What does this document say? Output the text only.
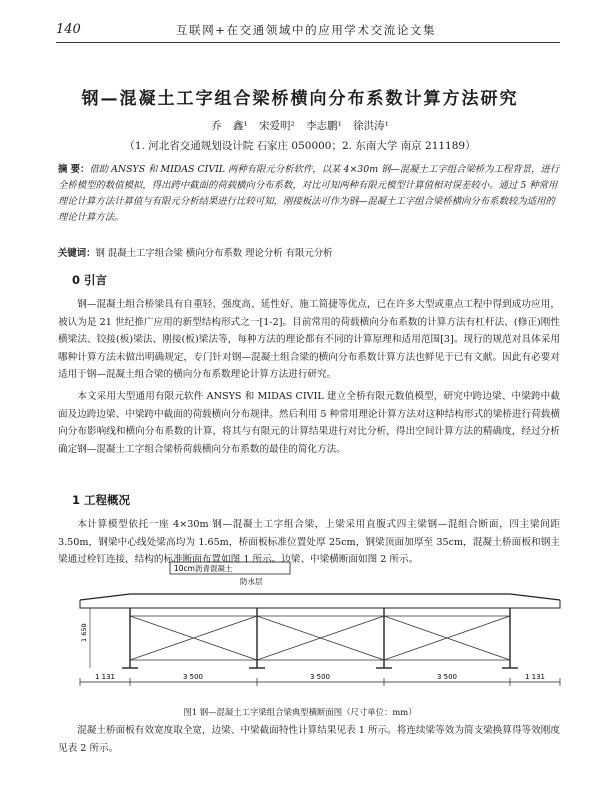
140	互联网+在交通领域中的应用学术交流论文集
钢—混凝土工字组合梁桥横向分布系数计算方法研究
乔 鑫¹ 宋爱明² 李志鹏¹ 徐洪涛¹
（1. 河北省交通规划设计院 石家庄 050000；2. 东南大学 南京 211189）
摘 要：借助 ANSYS 和 MIDAS CIVIL 两种有限元分析软件，以某 4×30m 钢—混凝土工字组合梁桥为工程背景，进行全桥模型的数值模拟，得出跨中截面的荷载横向分布系数，对比可知两种有限元模型计算值相对误差较小。通过 5 种常用理论计算方法计算值与有限元分析结果进行比较可知，刚接板法可作为钢—混凝土工字组合梁桥横向分布系数较为适用的理论计算方法。
关键词：钢 混凝土工字组合梁 横向分布系数 理论分析 有限元分析
0 引言
钢—混凝土组合桥梁具有自重轻、强度高、延性好、施工简捷等优点，已在许多大型或重点工程中得到成功应用，被认为是 21 世纪推广应用的新型结构形式之一[1-2]。目前常用的荷载横向分布系数的计算方法有杠杆法、(修正)刚性横梁法、铰接(板)梁法、刚接(板)梁法等，每种方法的理论都有不同的计算原理和适用范围[3]。现行的规范对具体采用哪种计算方法未做出明确规定，专门针对钢—混凝土组合梁的横向分布系数计算方法也鲜见于已有文献。因此有必要对适用于钢—混凝土组合梁的横向分布系数理论计算方法进行研究。
本文采用大型通用有限元软件 ANSYS 和 MIDAS CIVIL 建立全桥有限元数值模型，研究中跨边梁、中梁跨中截面及边跨边梁、中梁跨中截面的荷载横向分布规律。然后利用 5 种常用理论计算方法对这种结构形式的梁桥进行荷载横向分布影响线和横向分布系数的计算，将其与有限元的计算结果进行对比分析，得出空间计算方法的精确度，经过分析确定钢—混凝土工字组合梁桥荷载横向分布系数的最佳的简化方法。
1 工程概况
本计算模型依托一座 4×30m 钢—混凝土工字组合梁，上梁采用直腹式四主梁钢—混组合断面，四主梁间距 3.50m，钢梁中心线处梁高均为 1.65m，桥面板标准位置处厚 25cm，钢梁顶面加厚至 35cm，混凝土桥面板和钢主梁通过栓钉连接，结构的标准断面布置如图 1 所示。边梁、中梁横断面如图 2 所示。
10cm沥青混凝土
防水层
1 650
1 131	3 500	3 500	3 500	1 131
图1 钢—混凝土工字梁组合梁典型横断面图（尺寸单位：mm）
混凝土桥面板有效宽度取全宽，边梁、中梁截面特性计算结果见表 1 所示。将连续梁等效为简支梁换算得等效刚度见表 2 所示。
